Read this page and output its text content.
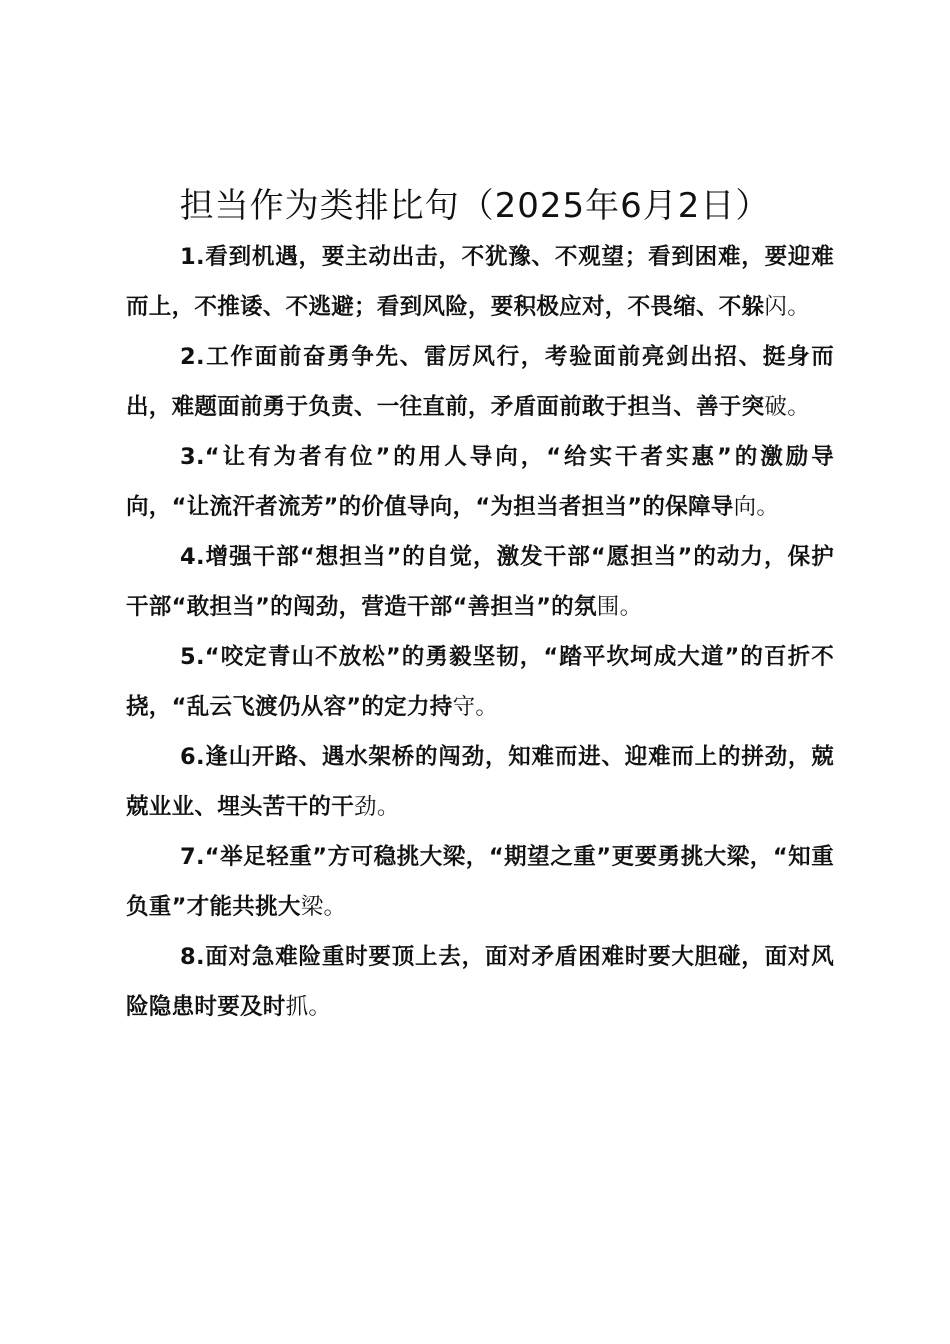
担当作为类排比句（2025年6月2日）

1.看到机遇，要主动出击，不犹豫、不观望；看到困难，要迎难而上，不推诿、不逃避；看到风险，要积极应对，不畏缩、不躲闪。

2.工作面前奋勇争先、雷厉风行，考验面前亮剑出招、挺身而出，难题面前勇于负责、一往直前，矛盾面前敢于担当、善于突破。

3.“让有为者有位”的用人导向，“给实干者实惠”的激励导向，“让流汗者流芳”的价值导向，“为担当者担当”的保障导向。

4.增强干部“想担当”的自觉，激发干部“愿担当”的动力，保护干部“敢担当”的闯劲，营造干部“善担当”的氛围。

5.“咬定青山不放松”的勇毅坚韧，“踏平坎坷成大道”的百折不挠，“乱云飞渡仍从容”的定力持守。

6.逢山开路、遇水架桥的闯劲，知难而进、迎难而上的拼劲，兢兢业业、埋头苦干的干劲。

7.“举足轻重”方可稳挑大梁，“期望之重”更要勇挑大梁，“知重负重”才能共挑大梁。

8.面对急难险重时要顶上去，面对矛盾困难时要大胆碰，面对风险隐患时要及时抓。
